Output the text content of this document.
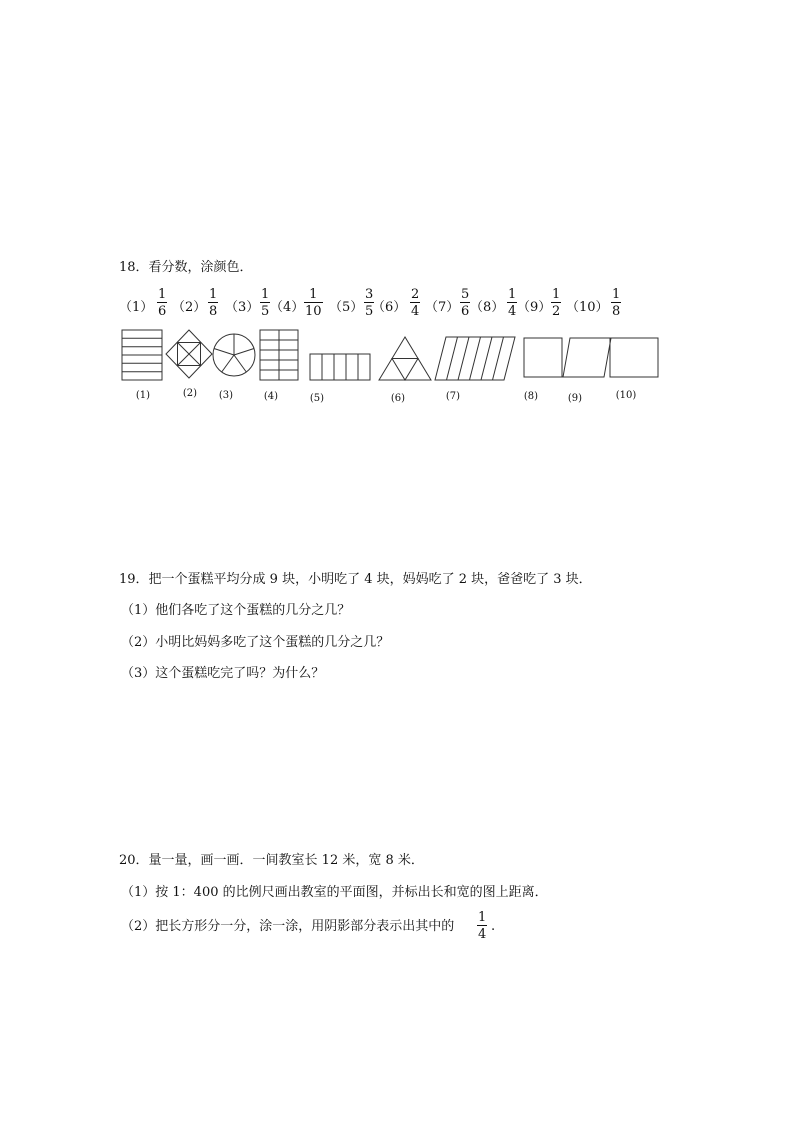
18．看分数，涂颜色．
（1）
1
6 （2）
1
8 （3）
1
5 （4）
1
10 （5）
3
5
（6）
2
4 （7）
5
6 （8）
1
4 （9）
1
2 （10）
1
8
(1)	(2)	(3)	(4)	(5)	(6)	(7)	(8)	(9)	(10)
19．把一个蛋糕平均分成 9 块，小明吃了 4 块，妈妈吃了 2 块，爸爸吃了 3 块．
（1）他们各吃了这个蛋糕的几分之几？
（2）小明比妈妈多吃了这个蛋糕的几分之几？
（3）这个蛋糕吃完了吗？为什么？
20．量一量，画一画．一间教室长 12 米，宽 8 米．
（1）按 1：400 的比例尺画出教室的平面图，并标出长和宽的图上距离．
（2）把长方形分一分，涂一涂，用阴影部分表示出其中的
1
4
.
